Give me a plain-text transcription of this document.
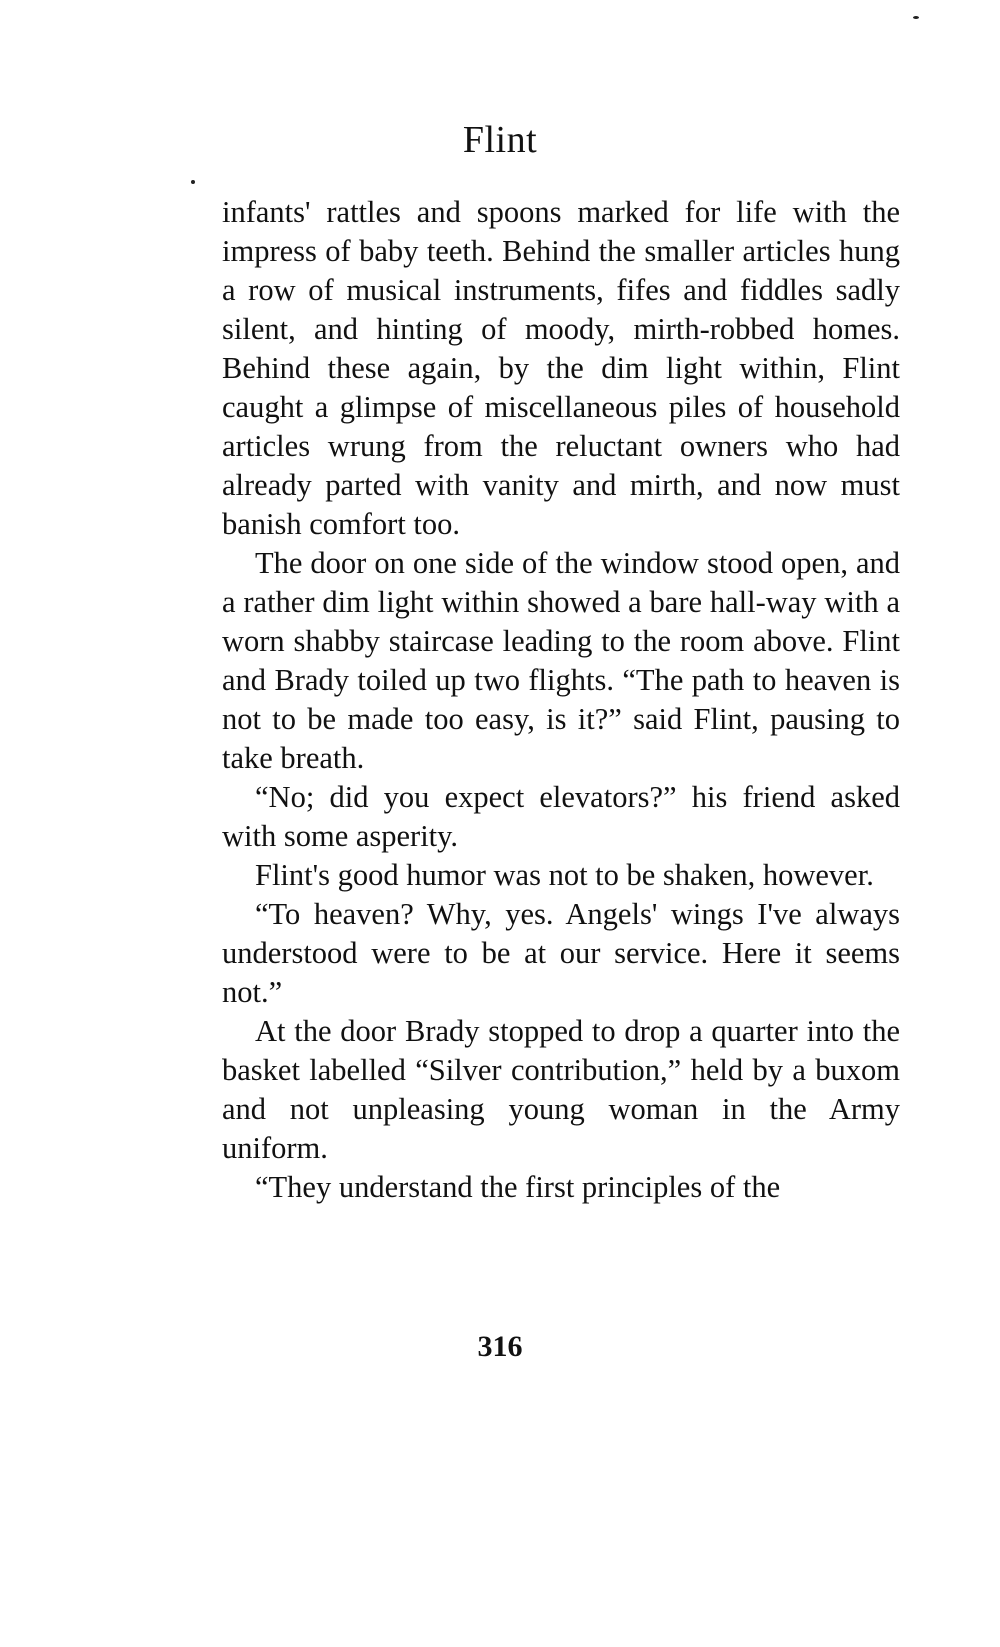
Flint

infants' rattles and spoons marked for life with the impress of baby teeth. Behind the smaller articles hung a row of musical instruments, fifes and fiddles sadly silent, and hinting of moody, mirth-robbed homes. Behind these again, by the dim light within, Flint caught a glimpse of miscellaneous piles of household articles wrung from the reluctant owners who had already parted with vanity and mirth, and now must banish comfort too.

The door on one side of the window stood open, and a rather dim light within showed a bare hall-way with a worn shabby staircase leading to the room above. Flint and Brady toiled up two flights. “The path to heaven is not to be made too easy, is it?” said Flint, pausing to take breath.

“No; did you expect elevators?” his friend asked with some asperity.

Flint's good humor was not to be shaken, however.

“To heaven? Why, yes. Angels' wings I've always understood were to be at our service. Here it seems not.”

At the door Brady stopped to drop a quarter into the basket labelled “Silver contribution,” held by a buxom and not unpleasing young woman in the Army uniform.

“They understand the first principles of the

316
